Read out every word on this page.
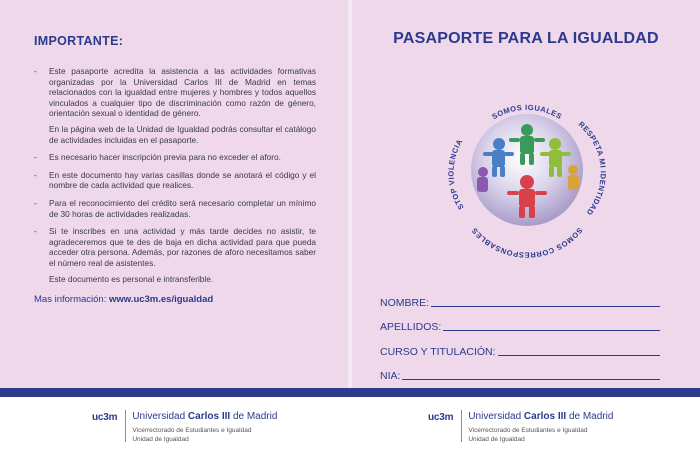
IMPORTANTE:
- Este pasaporte acredita la asistencia a las actividades formativas organizadas por la Universidad Carlos III de Madrid en temas relacionados con la igualdad entre mujeres y hombres y todos aquellos vinculados a cualquier tipo de discriminación como razón de género, orientación sexual o identidad de género.
En la página web de la Unidad de Igualdad podrás consultar el catálogo de actividades incluidas en el pasaporte.
- Es necesario hacer inscripción previa para no exceder el aforo.
- En este documento hay varias casillas donde se anotará el código y el nombre de cada actividad que realices.
- Para el reconocimiento del crédito será necesario completar un mínimo de 30 horas de actividades realizadas.
- Si te inscribes en una actividad y más tarde decides no asistir, te agradeceremos que te des de baja en dicha actividad para que pueda acceder otra persona. Además, por razones de aforo necesitamos saber el número real de asistentes.
Este documento es personal e intransferible.
Mas información: www.uc3m.es/igualdad
PASAPORTE PARA LA IGUALDAD
SOMOS IGUALES
RESPETA MI IDENTIDAD
SOMOS CORRESPONSABLES
STOP VIOLENCIA
NOMBRE:
APELLIDOS:
CURSO Y TITULACIÓN:
NIA:
uc3m Universidad Carlos III de Madrid
Vicerrectorado de Estudiantes e Igualdad
Unidad de Igualdad
uc3m Universidad Carlos III de Madrid
Vicerrectorado de Estudiantes e Igualdad
Unidad de Igualdad
